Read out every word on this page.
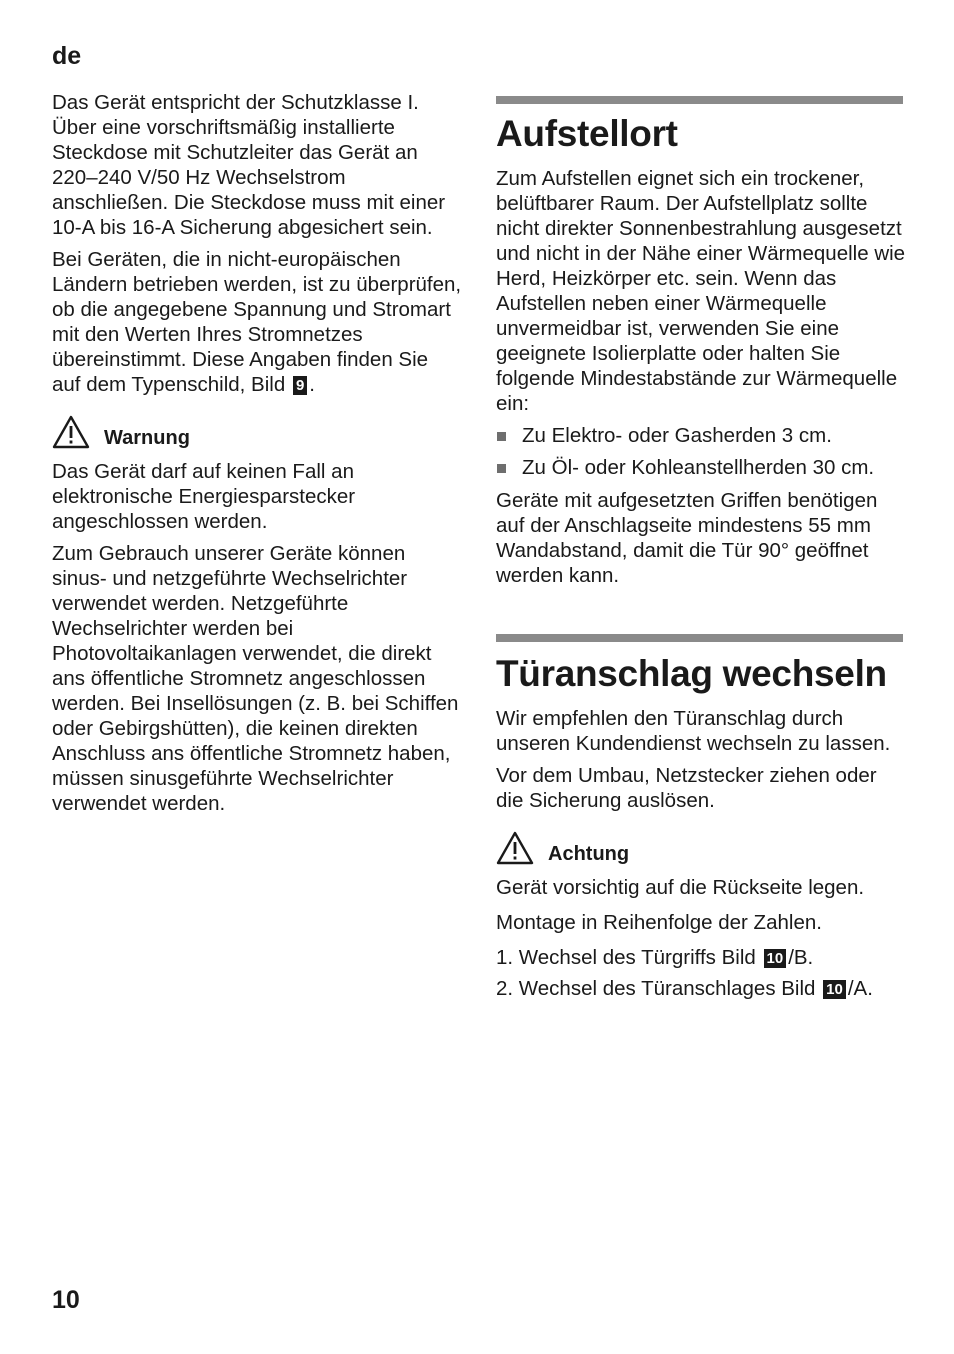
de

Das Gerät entspricht der Schutzklasse I. Über eine vorschriftsmäßig installierte Steckdose mit Schutzleiter das Gerät an 220–240 V/50 Hz Wechselstrom anschließen. Die Steckdose muss mit einer 10-A bis 16-A Sicherung abgesichert sein.

Bei Geräten, die in nicht-europäischen Ländern betrieben werden, ist zu überprüfen, ob die angegebene Spannung und Stromart mit den Werten Ihres Stromnetzes übereinstimmt. Diese Angaben finden Sie auf dem Typenschild, Bild 9 .

Warnung

Das Gerät darf auf keinen Fall an elektronische Energiesparstecker angeschlossen werden.

Zum Gebrauch unserer Geräte können sinus- und netzgeführte Wechselrichter verwendet werden. Netzgeführte Wechselrichter werden bei Photovoltaikanlagen verwendet, die direkt ans öffentliche Stromnetz angeschlossen werden. Bei Insellösungen (z. B. bei Schiffen oder Gebirgshütten), die keinen direkten Anschluss ans öffentliche Stromnetz haben, müssen sinusgeführte Wechselrichter verwendet werden.

Aufstellort

Zum Aufstellen eignet sich ein trockener, belüftbarer Raum. Der Aufstellplatz sollte nicht direkter Sonnenbestrahlung ausgesetzt und nicht in der Nähe einer Wärmequelle wie Herd, Heizkörper etc. sein. Wenn das Aufstellen neben einer Wärmequelle unvermeidbar ist, verwenden Sie eine geeignete Isolierplatte oder halten Sie folgende Mindestabstände zur Wärmequelle ein:

Zu Elektro- oder Gasherden 3 cm.
Zu Öl- oder Kohleanstellherden 30 cm.

Geräte mit aufgesetzten Griffen benötigen auf der Anschlagseite mindestens 55 mm Wandabstand, damit die Tür 90° geöffnet werden kann.

Türanschlag wechseln

Wir empfehlen den Türanschlag durch unseren Kundendienst wechseln zu lassen.

Vor dem Umbau, Netzstecker ziehen oder die Sicherung auslösen.

Achtung

Gerät vorsichtig auf die Rückseite legen.

Montage in Reihenfolge der Zahlen.

1. Wechsel des Türgriffs Bild 10 /B.
2. Wechsel des Türanschlages Bild 10 /A.
10
